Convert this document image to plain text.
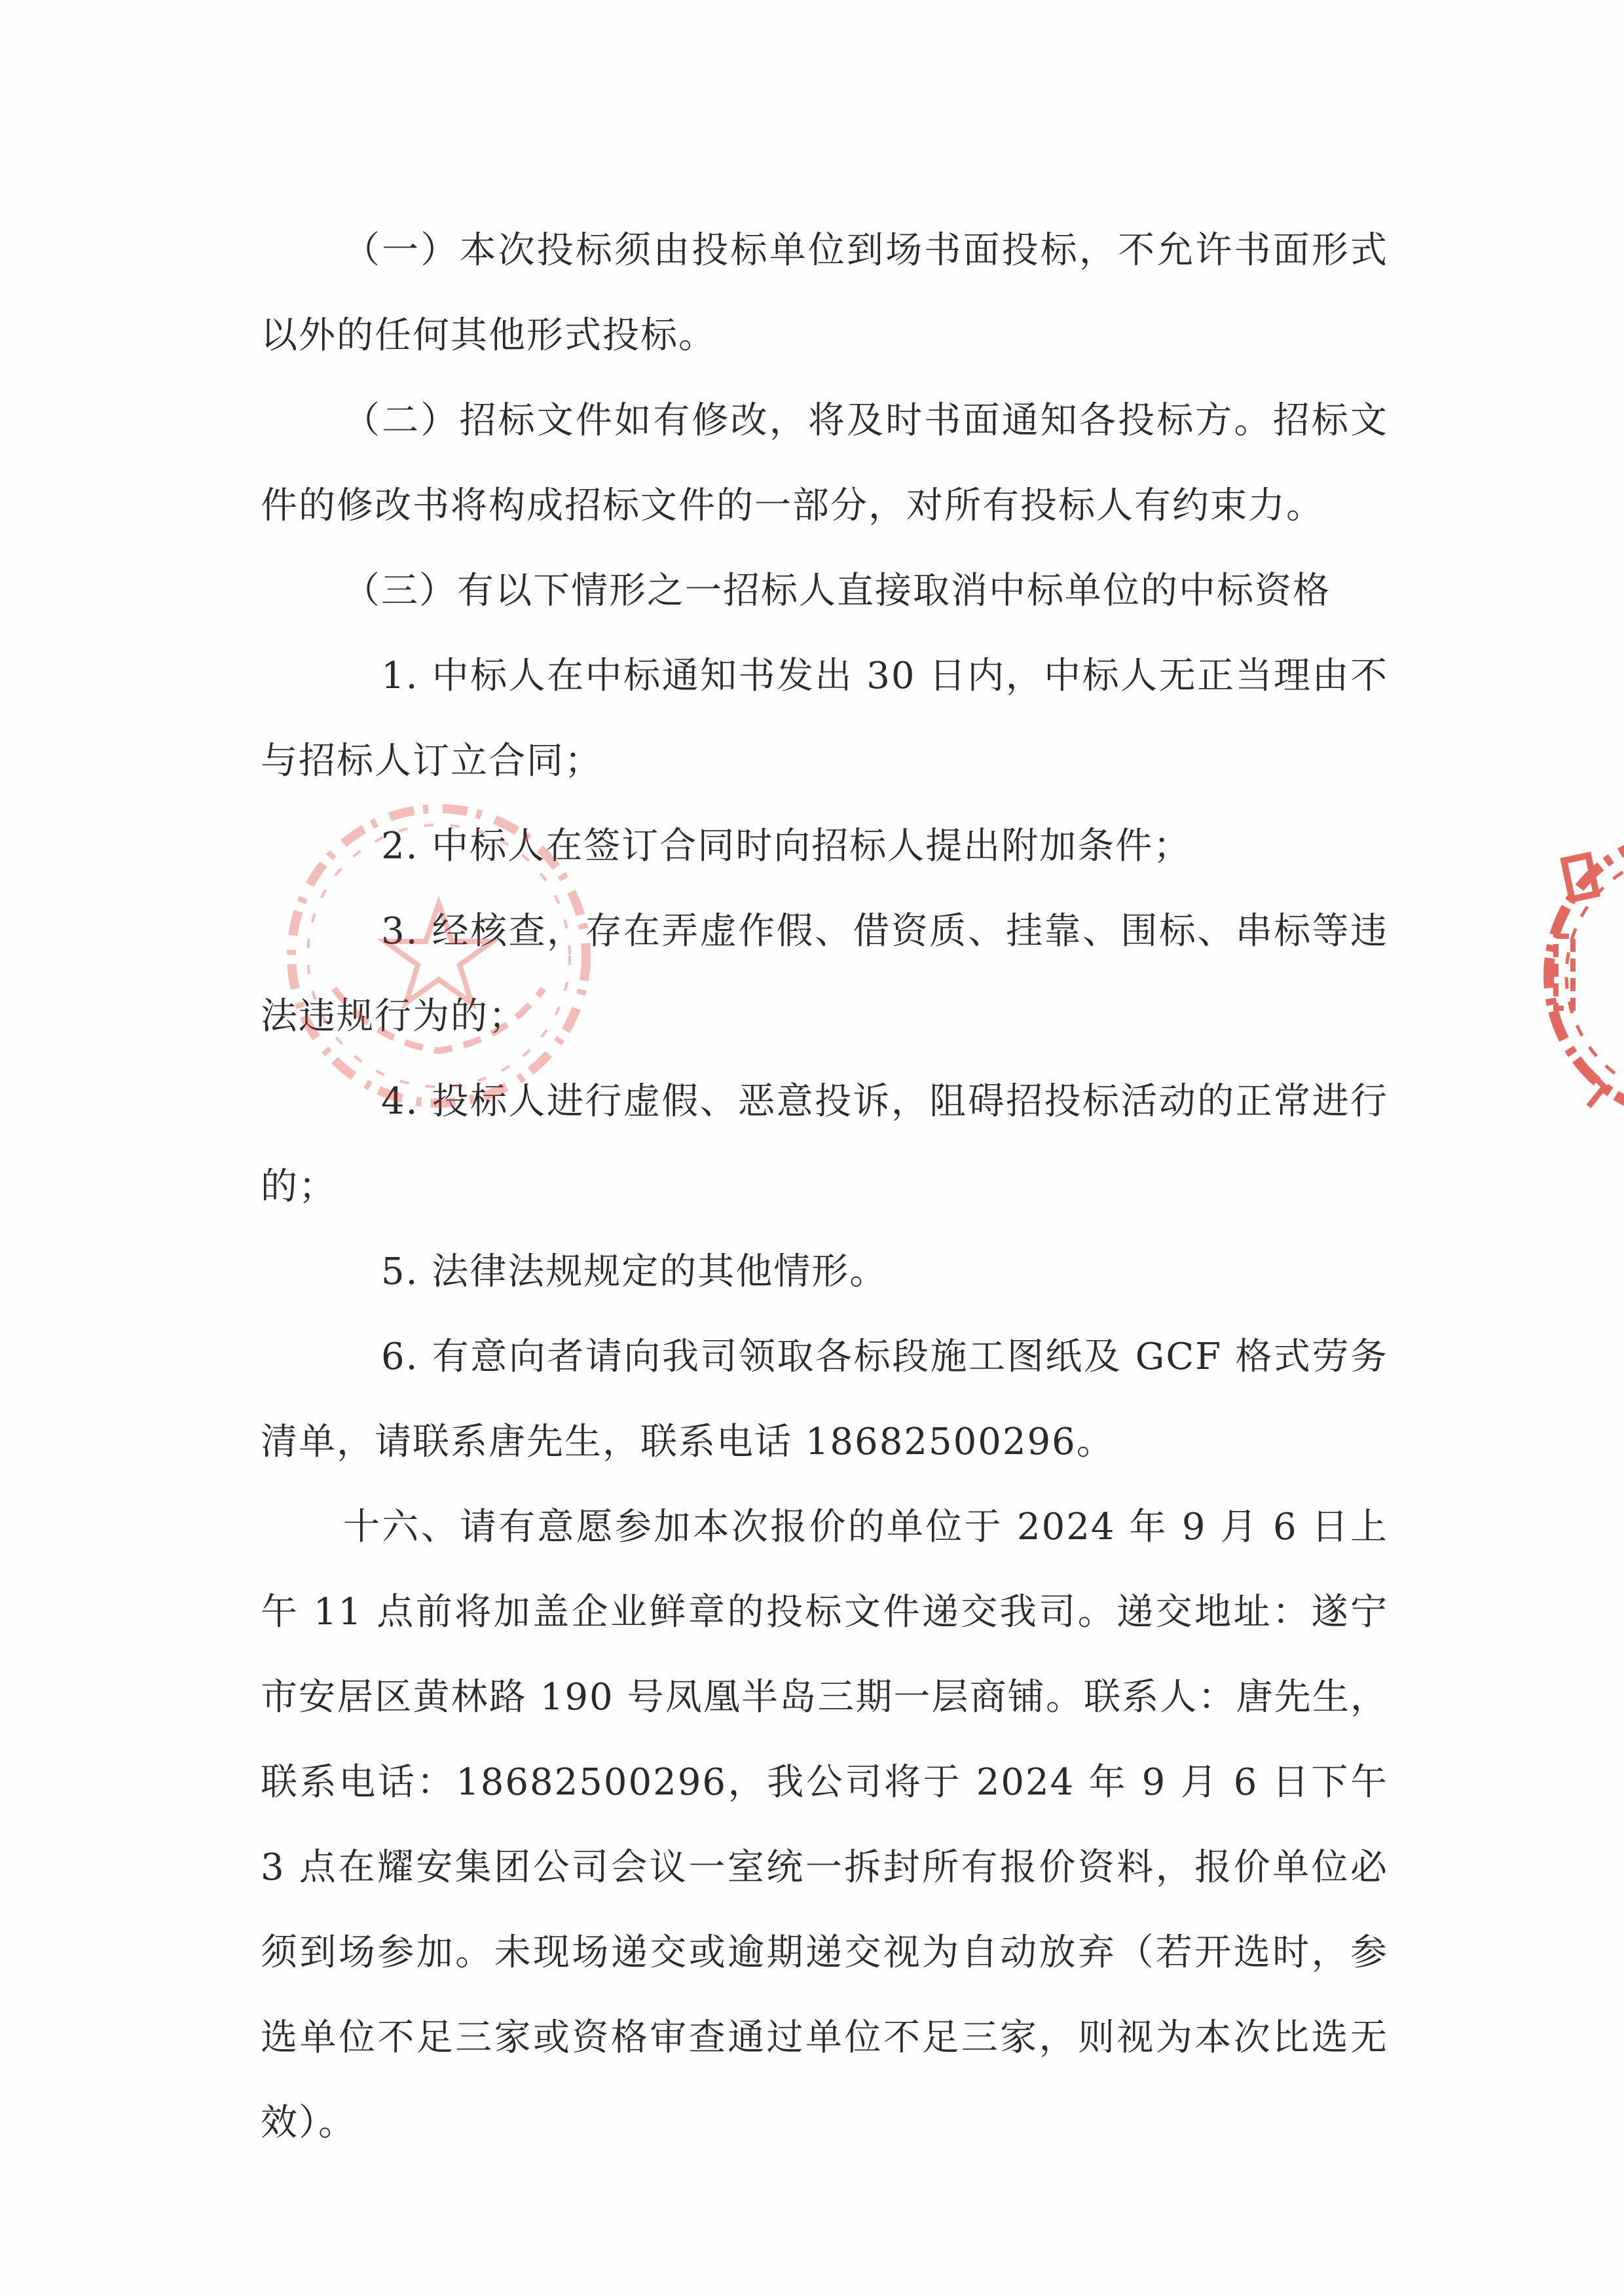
（一）本次投标须由投标单位到场书面投标，不允许书面形式以外的任何其他形式投标。

（二）招标文件如有修改，将及时书面通知各投标方。招标文件的修改书将构成招标文件的一部分，对所有投标人有约束力。

（三）有以下情形之一招标人直接取消中标单位的中标资格

1. 中标人在中标通知书发出 30 日内，中标人无正当理由不与招标人订立合同；

2. 中标人在签订合同时向招标人提出附加条件；

3. 经核查，存在弄虚作假、借资质、挂靠、围标、串标等违法违规行为的；

4. 投标人进行虚假、恶意投诉，阻碍招投标活动的正常进行的；

5. 法律法规规定的其他情形。

6. 有意向者请向我司领取各标段施工图纸及 GCF 格式劳务清单，请联系唐先生，联系电话 18682500296。

十六、请有意愿参加本次报价的单位于 2024 年 9 月 6 日上午 11 点前将加盖企业鲜章的投标文件递交我司。递交地址：遂宁市安居区黄林路 190 号凤凰半岛三期一层商铺。联系人：唐先生，联系电话：18682500296，我公司将于 2024 年 9 月 6 日下午 3 点在耀安集团公司会议一室统一拆封所有报价资料，报价单位必须到场参加。未现场递交或逾期递交视为自动放弃（若开选时，参选单位不足三家或资格审查通过单位不足三家，则视为本次比选无效）。
